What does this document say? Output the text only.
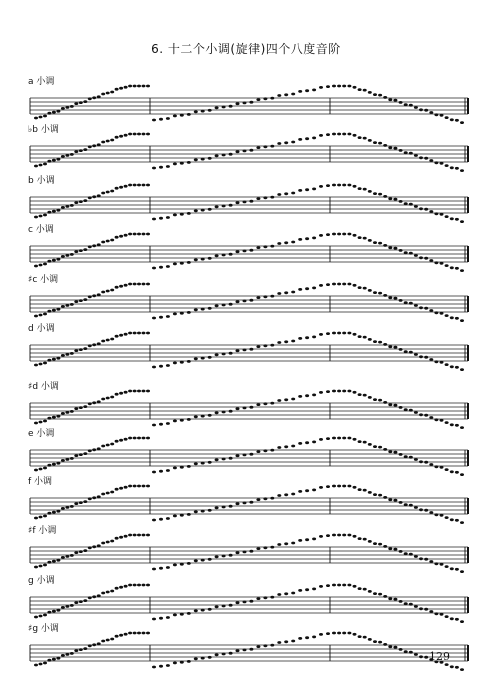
6. 十二个小调(旋律)四个八度音阶
a 小调
♭b 小调
b 小调
c 小调
♯c 小调
d 小调
♯d 小调
e 小调
f 小调
♯f 小调
g 小调
♯g 小调
129
